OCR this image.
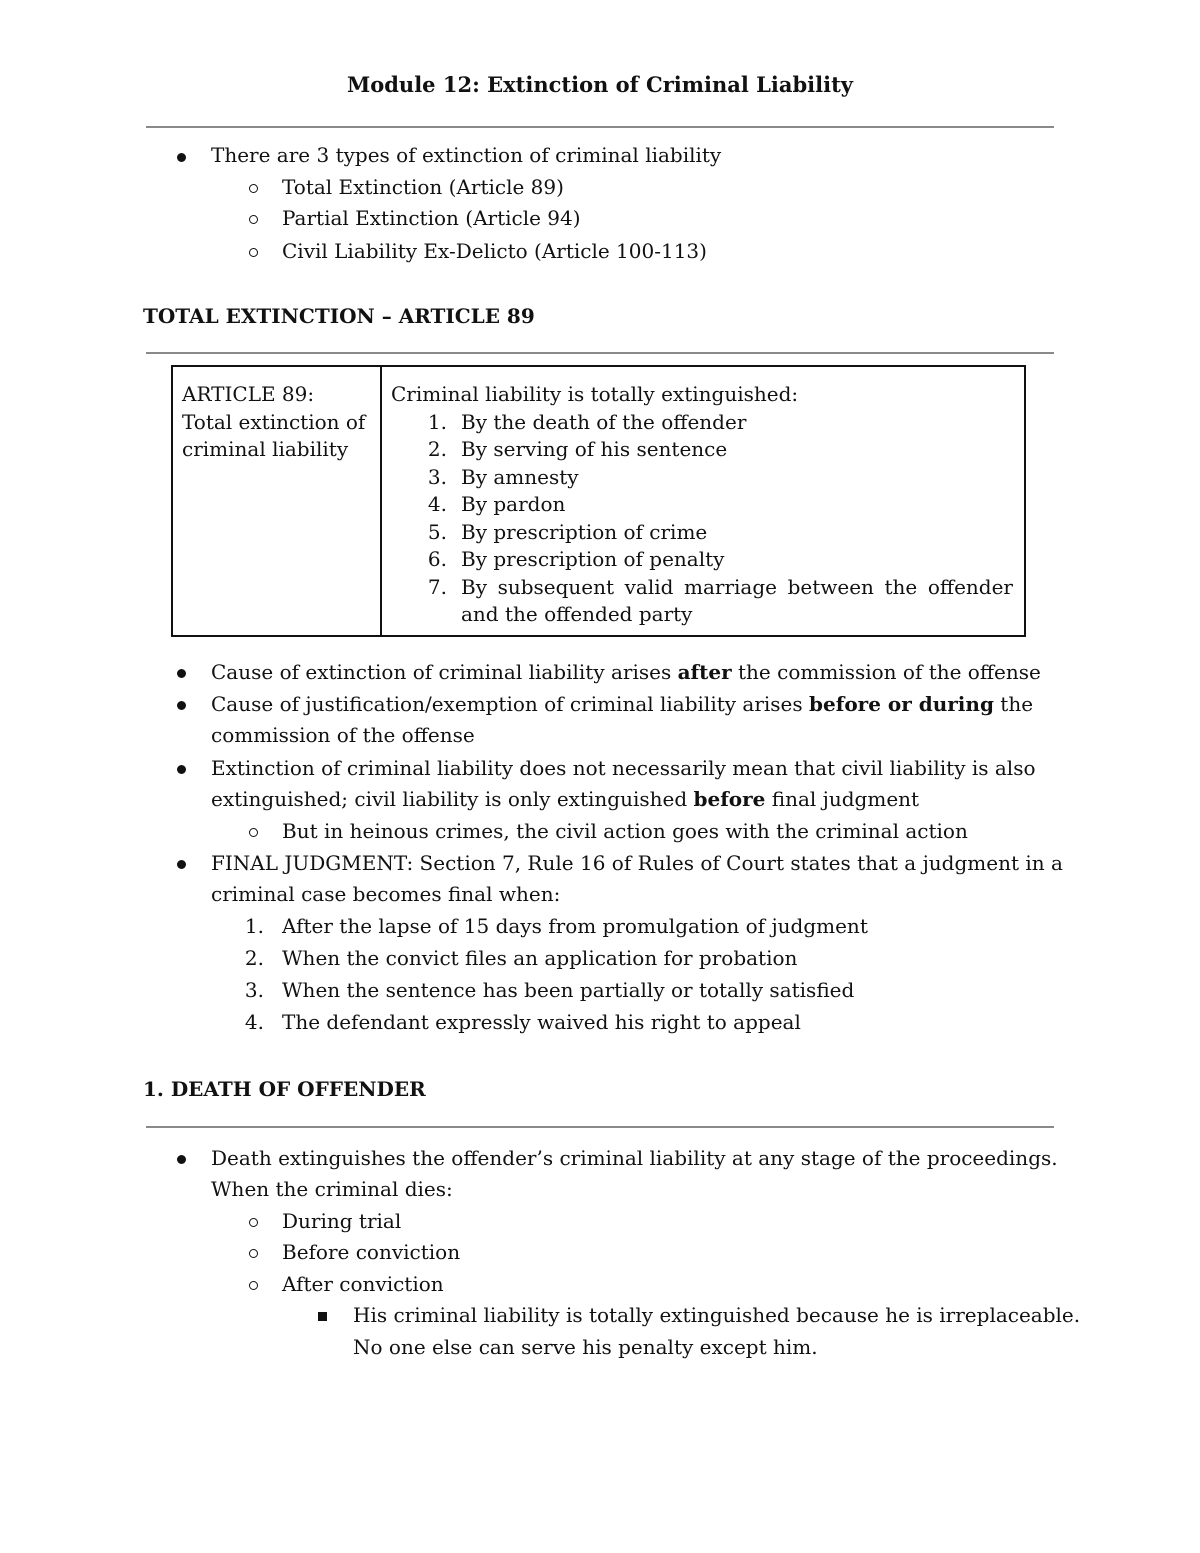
Module 12: Extinction of Criminal Liability
There are 3 types of extinction of criminal liability
Total Extinction (Article 89)
Partial Extinction (Article 94)
Civil Liability Ex-Delicto (Article 100-113)
TOTAL EXTINCTION – ARTICLE 89
ARTICLE 89:
Total extinction of
criminal liability
Criminal liability is totally extinguished:
1. By the death of the offender
2. By serving of his sentence
3. By amnesty
4. By pardon
5. By prescription of crime
6. By prescription of penalty
7. By subsequent valid marriage between the offender
and the offended party
Cause of extinction of criminal liability arises after the commission of the offense
Cause of justification/exemption of criminal liability arises before or during the
commission of the offense
Extinction of criminal liability does not necessarily mean that civil liability is also
extinguished; civil liability is only extinguished before final judgment
But in heinous crimes, the civil action goes with the criminal action
FINAL JUDGMENT: Section 7, Rule 16 of Rules of Court states that a judgment in a
criminal case becomes final when:
1. After the lapse of 15 days from promulgation of judgment
2. When the convict files an application for probation
3. When the sentence has been partially or totally satisfied
4. The defendant expressly waived his right to appeal
1. DEATH OF OFFENDER
Death extinguishes the offender’s criminal liability at any stage of the proceedings.
When the criminal dies:
During trial
Before conviction
After conviction
His criminal liability is totally extinguished because he is irreplaceable.
No one else can serve his penalty except him.
